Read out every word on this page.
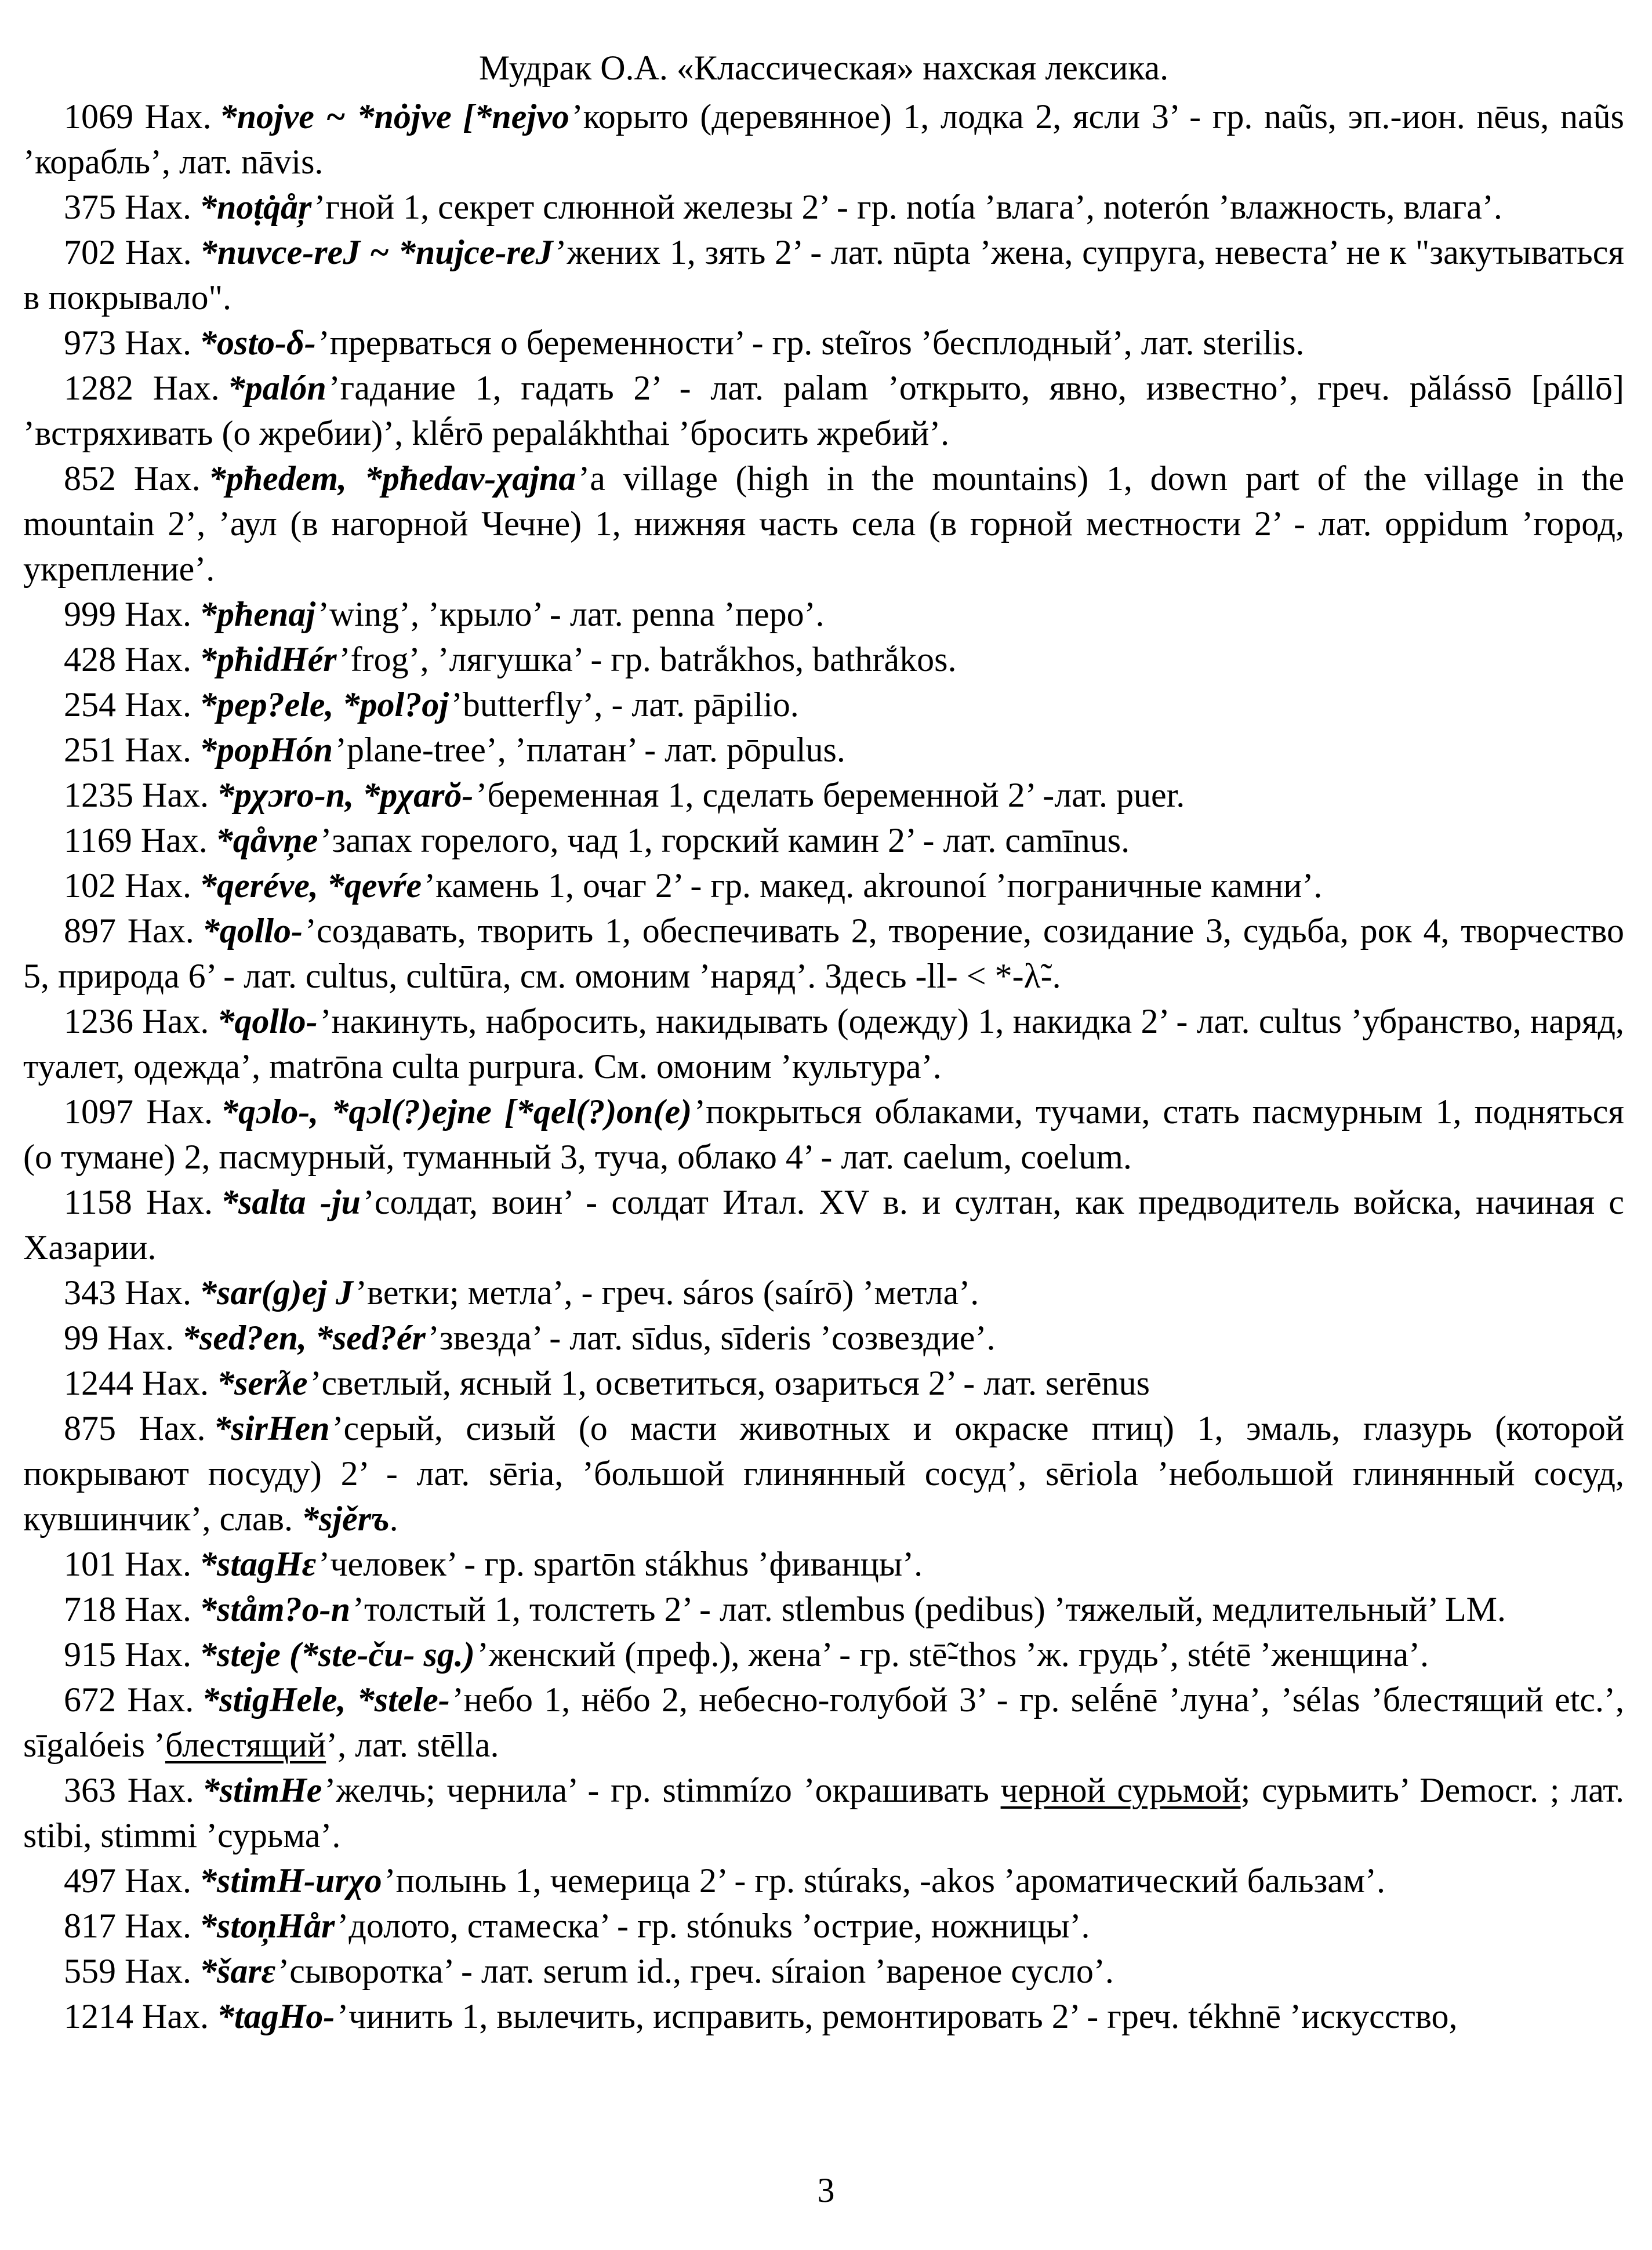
Мудрак О.А. «Классическая» нахская лексика.

1069 Нах. *nojve ~ *nȯjve [*nejvo’корыто (деревянное) 1, лодка 2, ясли 3’ - гр. naũs, эп.-ион. nēus, naũs ’корабль’, лат. nāvis.

375 Нах. *noṭq̇åŗ’гной 1, секрет слюнной железы 2’ - гр. notía ’влага’, noterón ’влажность, влага’.

702 Нах. *nuvce-reJ ~ *nujce-reJ’жених 1, зять 2’ - лат. nūpta ’жена, супруга, невеста’ не к "закутываться в покрывало".

973 Нах. *osto-δ-’прерваться о беременности’ - гр. steĩros ’бесплодный’, лат. sterilis.

1282 Нах. *palón’гадание 1, гадать 2’ - лат. palam ’открыто, явно, известно’, греч. pălássō [pállō] ’встряхивать (о жребии)’, klḗrō pepalákhthai ’бросить жребий’.

852 Нах. *pħedem, *pħedav-χajna’a village (high in the mountains) 1, down part of the village in the mountain 2’, ’аул (в нагорной Чечне) 1, нижняя часть села (в горной местности 2’ - лат. oppidum ’город, укрепление’.

999 Нах. *pħenaj’wing’, ’крыло’ - лат. penna ’перо’.

428 Нах. *pħidHér’frog’, ’лягушка’ - гр. batrắkhos, bathrắkos.

254 Нах. *pep?ele, *pol?oj’butterfly’, - лат. pāpilio.

251 Нах. *popHón’plane-tree’, ’платан’ - лат. pōpulus.

1235 Нах. *pχɔro-n, *pχarŏ-’беременная 1, сделать беременной 2’ -лат. puer.

1169 Нах. *qåvņe’запах горелого, чад 1, горский камин 2’ - лат. camīnus.

102 Нах. *qeréve, *qevŕe’камень 1, очаг 2’ - гр. макед. akrounoí ’пограничные камни’.

897 Нах. *qollo-’создавать, творить 1, обеспечивать 2, творение, созидание 3, судьба, рок 4, творчество 5, природа 6’ - лат. cultus, cultūra, см. омоним ’наряд’. Здесь -ll- < *-λ̃-.

1236 Нах. *qollo-’накинуть, набросить, накидывать (одежду) 1, накидка 2’ - лат. cultus ’убранство, наряд, туалет, одежда’, matrōna culta purpura. См. омоним ’культура’.

1097 Нах. *qɔlo-, *qɔl(?)ejne [*qel(?)on(e)’покрыться облаками, тучами, стать пасмурным 1, подняться (о тумане) 2, пасмурный, туманный 3, туча, облако 4’ - лат. caelum, coelum.

1158 Нах. *salta -ju’солдат, воин’ - солдат Итал. XV в. и султан, как предводитель войска, начиная с Хазарии.

343 Нах. *sar(g)ej J’ветки; метла’, - греч. sáros (saírō) ’метла’.

99 Нах. *sed?en, *sed?ér’звезда’ - лат. sīdus, sīderis ’созвездие’.

1244 Нах. *serƛe’светлый, ясный 1, осветиться, озариться 2’ - лат. serēnus

875 Нах. *sirHen’серый, сизый (о масти животных и окраске птиц) 1, эмаль, глазурь (которой покрывают посуду) 2’ - лат. sēria, ’большой глинянный сосуд’, sēriola ’небольшой глинянный сосуд, кувшинчик’, слав. *sjěrъ.

101 Нах. *stagHε’человек’ - гр. spartōn stákhus ’фиванцы’.

718 Нах. *ståm?o-n’толстый 1, толстеть 2’ - лат. stlembus (pedibus) ’тяжелый, медлительный’ LM.

915 Нах. *steje (*ste-ču- sg.)’женский (преф.), жена’ - гр. stē̃-thos ’ж. грудь’, stétē ’женщина’.

672 Нах. *stigHele, *stele-’небо 1, нёбо 2, небесно-голубой 3’ - гр. selḗnē ’луна’, ’sélas ’блестящий etc.’, sīgalóeis ’блестящий’, лат. stēlla.

363 Нах. *stimHe’желчь; чернила’ - гр. stimmízo ’окрашивать черной сурьмой; сурьмить’ Democr. ; лат. stibi, stimmi ’сурьма’.

497 Нах. *stimH-urχo’полынь 1, чемерица 2’ - гр. stúraks, -akos ’ароматический бальзам’.

817 Нах. *stoņHår’долото, стамеска’ - гр. stónuks ’острие, ножницы’.

559 Нах. *šarε’сыворотка’ - лат. serum id., греч. síraion ’вареное сусло’.

1214 Нах. *tagHo-’чинить 1, вылечить, исправить, ремонтировать 2’ - греч. tékhnē ’искусство,

3
